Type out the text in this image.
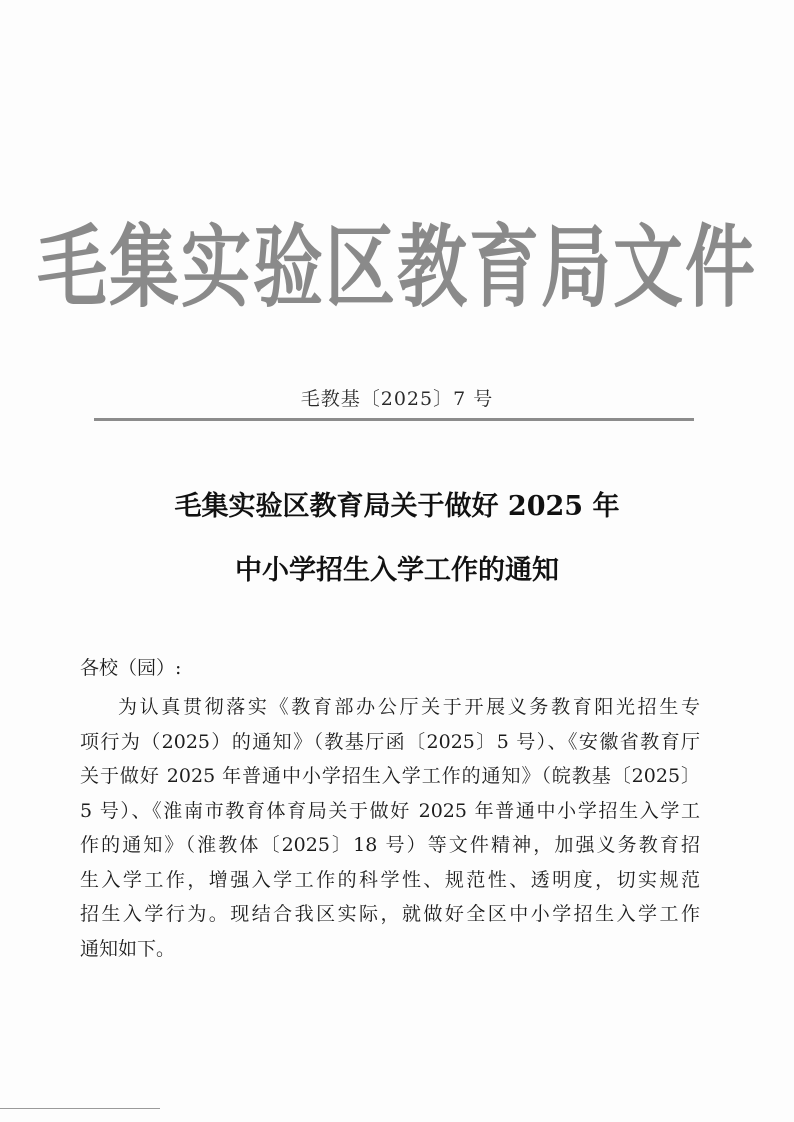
毛集实验区教育局文件
毛教基〔2025〕7 号
毛集实验区教育局关于做好 2025 年
中小学招生入学工作的通知
各校（园）:
为认真贯彻落实《教育部办公厅关于开展义务教育阳光招生专
项行为（2025）的通知》（教基厅函〔2025〕5 号）、《安徽省教育厅
关于做好 2025 年普通中小学招生入学工作的通知》（皖教基〔2025〕
5 号）、《淮南市教育体育局关于做好 2025 年普通中小学招生入学工
作的通知》（淮教体〔2025〕18 号）等文件精神，加强义务教育招
生入学工作，增强入学工作的科学性、规范性、透明度，切实规范
招生入学行为。现结合我区实际，就做好全区中小学招生入学工作
通知如下。
